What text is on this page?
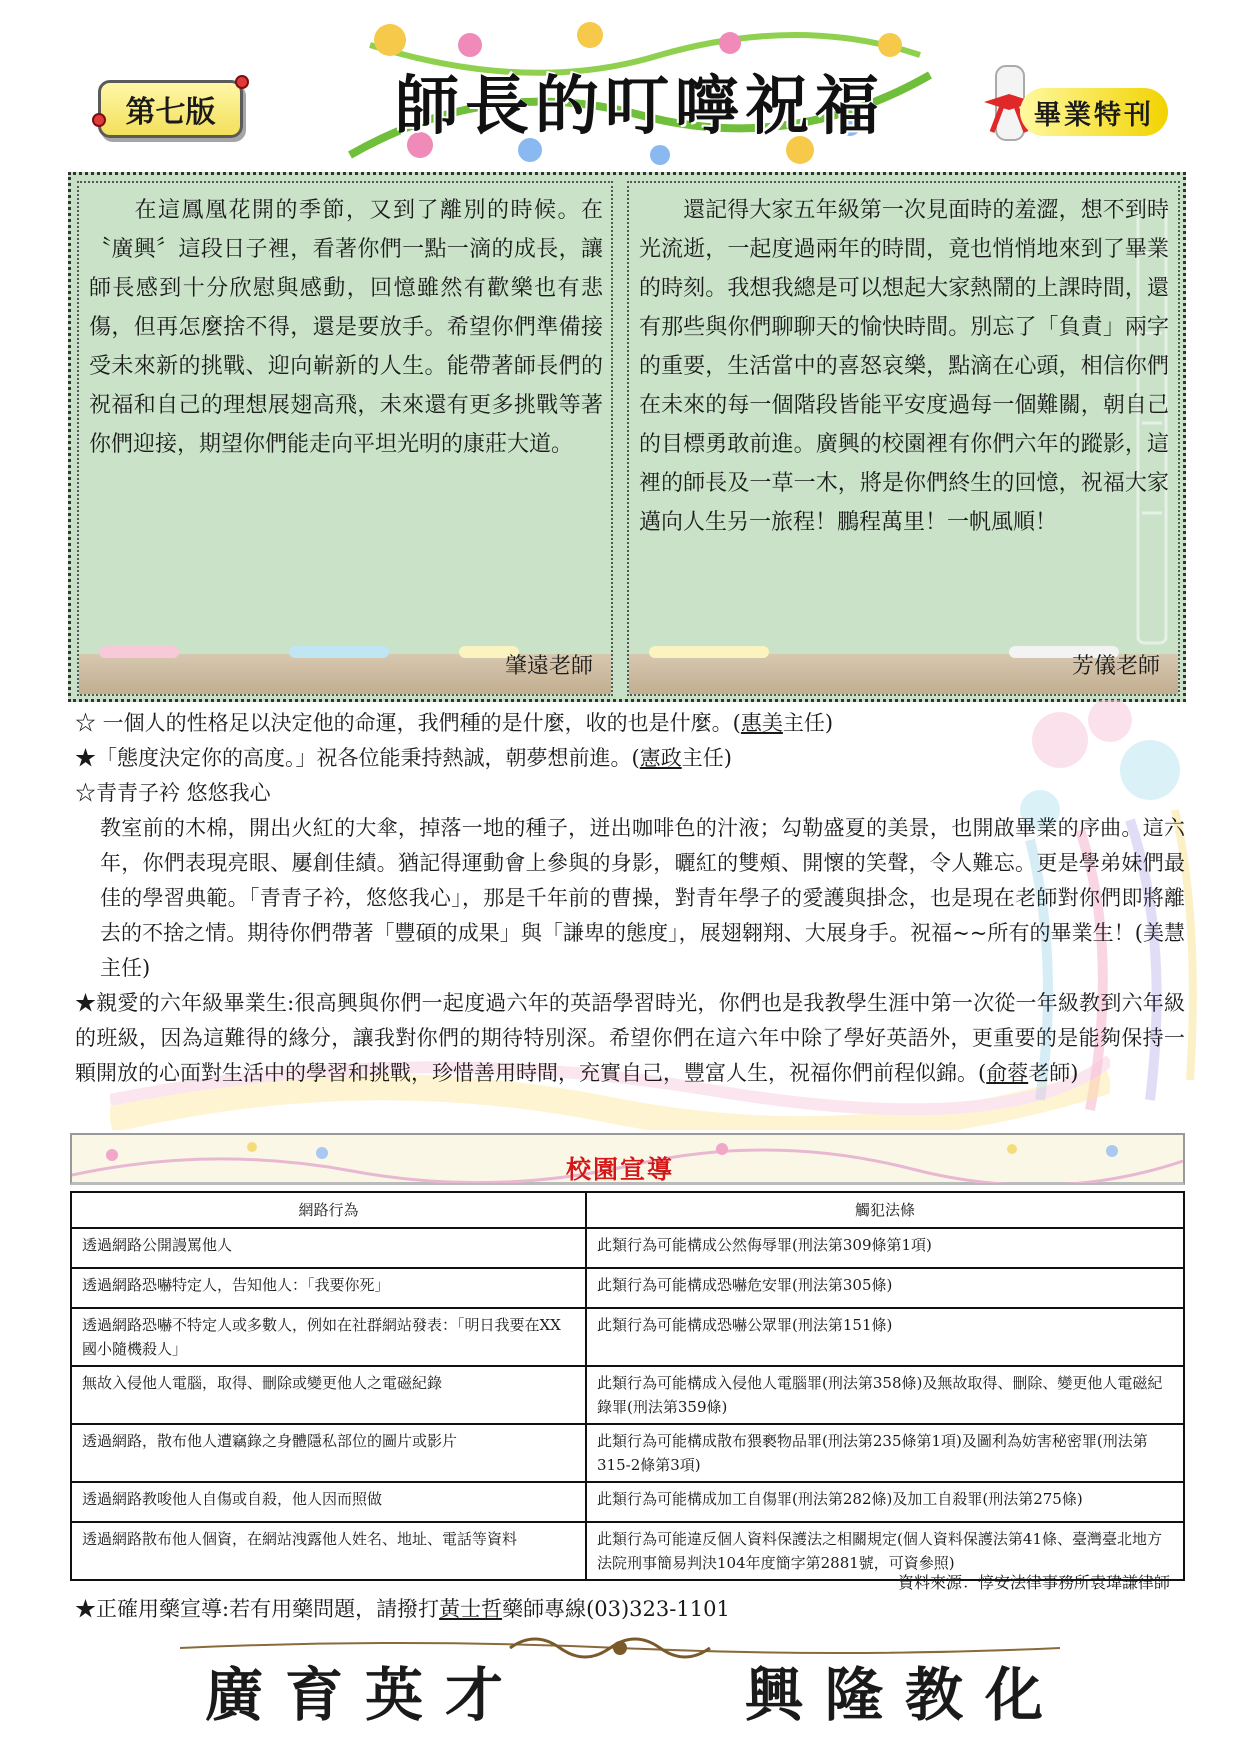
第七版	師長的叮嚀祝福	畢業特刊
在這鳳凰花開的季節，又到了離別的時候。在〝廣興〞這段日子裡，看著你們一點一滴的成長，讓師長感到十分欣慰與感動，回憶雖然有歡樂也有悲傷，但再怎麼捨不得，還是要放手。希望你們準備接受未來新的挑戰、迎向嶄新的人生。能帶著師長們的祝福和自己的理想展翅高飛，未來還有更多挑戰等著你們迎接，期望你們能走向平坦光明的康莊大道。
肇遠老師
還記得大家五年級第一次見面時的羞澀，想不到時光流逝，一起度過兩年的時間，竟也悄悄地來到了畢業的時刻。我想我總是可以想起大家熱鬧的上課時間，還有那些與你們聊聊天的愉快時間。別忘了「負責」兩字的重要，生活當中的喜怒哀樂，點滴在心頭，相信你們在未來的每一個階段皆能平安度過每一個難關，朝自己的目標勇敢前進。廣興的校園裡有你們六年的蹤影，這裡的師長及一草一木，將是你們終生的回憶，祝福大家邁向人生另一旅程！鵬程萬里！一帆風順！
芳儀老師
☆ 一個人的性格足以決定他的命運，我們種的是什麼，收的也是什麼。(惠美主任)
★「態度決定你的高度。」祝各位能秉持熱誠，朝夢想前進。(憲政主任)
☆青青子衿 悠悠我心
教室前的木棉，開出火紅的大傘，掉落一地的種子，迸出咖啡色的汁液；勾勒盛夏的美景，也開啟畢業的序曲。這六年，你們表現亮眼、屢創佳績。猶記得運動會上參與的身影，曬紅的雙頰、開懷的笑聲，令人難忘。更是學弟妹們最佳的學習典範。「青青子衿，悠悠我心」，那是千年前的曹操，對青年學子的愛護與掛念，也是現在老師對你們即將離去的不捨之情。期待你們帶著「豐碩的成果」與「謙卑的態度」，展翅翱翔、大展身手。祝福~~所有的畢業生！(美慧主任)
★親愛的六年級畢業生:很高興與你們一起度過六年的英語學習時光，你們也是我教學生涯中第一次從一年級教到六年級的班級，因為這難得的緣分，讓我對你們的期待特別深。希望你們在這六年中除了學好英語外，更重要的是能夠保持一顆開放的心面對生活中的學習和挑戰，珍惜善用時間，充實自己，豐富人生，祝福你們前程似錦。(俞蓉老師)
校園宣導
網路行為	觸犯法條
透過網路公開謾罵他人	此類行為可能構成公然侮辱罪(刑法第309條第1項)
透過網路恐嚇特定人，告知他人：「我要你死」	此類行為可能構成恐嚇危安罪(刑法第305條)
透過網路恐嚇不特定人或多數人，例如在社群網站發表：「明日我要在XX國小隨機殺人」	此類行為可能構成恐嚇公眾罪(刑法第151條)
無故入侵他人電腦，取得、刪除或變更他人之電磁紀錄	此類行為可能構成入侵他人電腦罪(刑法第358條)及無故取得、刪除、變更他人電磁紀錄罪(刑法第359條)
透過網路，散布他人遭竊錄之身體隱私部位的圖片或影片	此類行為可能構成散布猥褻物品罪(刑法第235條第1項)及圖利為妨害秘密罪(刑法第315-2條第3項)
透過網路教唆他人自傷或自殺，他人因而照做	此類行為可能構成加工自傷罪(刑法第282條)及加工自殺罪(刑法第275條)
透過網路散布他人個資，在網站洩露他人姓名、地址、電話等資料	此類行為可能違反個人資料保護法之相關規定(個人資料保護法第41條、臺灣臺北地方法院刑事簡易判決104年度簡字第2881號，可資參照)
資料來源：惇安法律事務所袁瑋謙律師
★正確用藥宣導:若有用藥問題，請撥打黃士哲藥師專線(03)323-1101
廣育英才	興隆教化
